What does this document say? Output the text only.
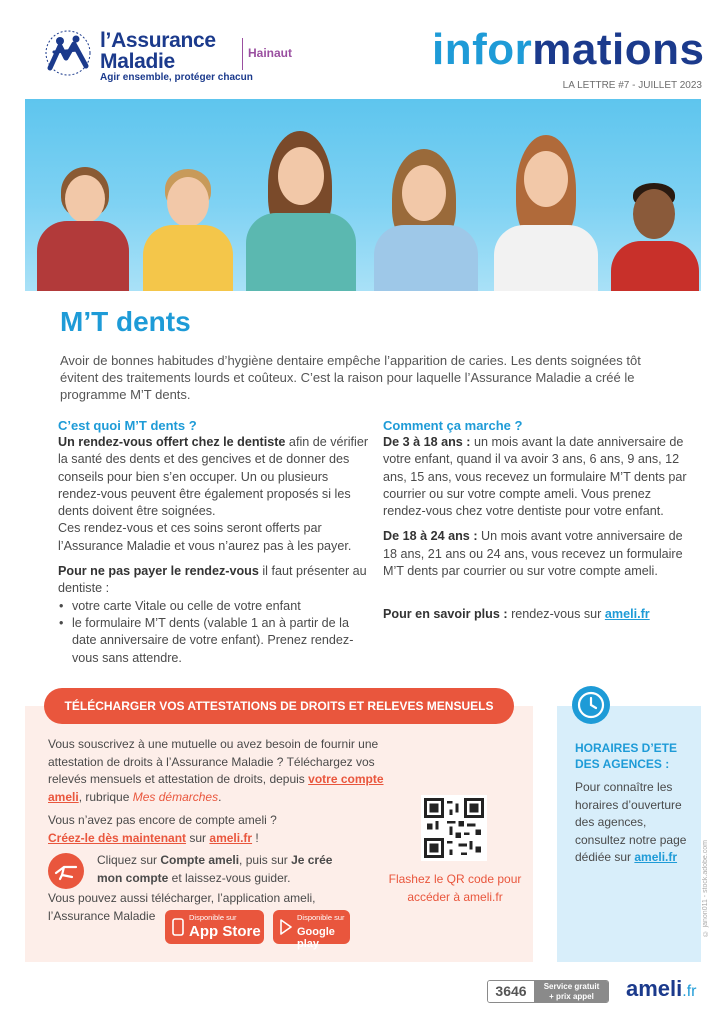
l’Assurance
Maladie
Agir ensemble, protéger chacun
Hainaut	informations
LA LETTRE #7 - JUILLET 2023
M’T dents
Avoir de bonnes habitudes d’hygiène dentaire empêche l’apparition de caries. Les dents soignées tôt évitent des traitements lourds et coûteux. C’est la raison pour laquelle l’Assurance Maladie a créé le programme M’T dents.
C’est quoi M’T dents ?

Un rendez-vous offert chez le dentiste afin de vérifier la santé des dents et des gencives et de donner des conseils pour bien s’en occuper. Un ou plusieurs rendez-vous peuvent être également proposés si les dents doivent être soignées.

Ces rendez-vous et ces soins seront offerts par l’Assurance Maladie et vous n’aurez pas à les payer.

Pour ne pas payer le rendez-vous il faut présenter au dentiste :

• votre carte Vitale ou celle de votre enfant
• le formulaire M’T dents (valable 1 an à partir de la date anniversaire de votre enfant). Prenez rendez-vous sans attendre.
Comment ça marche ?

De 3 à 18 ans : un mois avant la date anniversaire de votre enfant, quand il va avoir 3 ans, 6 ans, 9 ans, 12 ans, 15 ans, vous recevez un formulaire M’T dents par courrier ou sur votre compte ameli. Vous prenez rendez-vous chez votre dentiste pour votre enfant.

De 18 à 24 ans : Un mois avant votre anniversaire de 18 ans, 21 ans ou 24 ans, vous recevez un formulaire M’T dents par courrier ou sur votre compte ameli.

Pour en savoir plus : rendez-vous sur ameli.fr

TÉLÉCHARGER VOS ATTESTATIONS DE DROITS ET RELEVES MENSUELS

Vous souscrivez à une mutuelle ou avez besoin de fournir une attestation de droits à l’Assurance Maladie ? Téléchargez vos relevés mensuels et attestation de droits, depuis votre compte ameli, rubrique Mes démarches.

Vous n’avez pas encore de compte ameli ?
Créez-le dès maintenant sur ameli.fr !

Cliquez sur Compte ameli, puis sur Je crée mon compte et laissez-vous guider.

Vous pouvez aussi télécharger, l’application ameli, l’Assurance Maladie

Flashez le QR code pour accéder à ameli.fr

Disponible sur
App Store
Disponible sur
Google play
HORAIRES D’ETE DES AGENCES :

Pour connaître les horaires d’ouverture des agences, consultez notre page dédiée sur ameli.fr	© janon011 - stock.adobe.com
3646	Service gratuit
+ prix appel	ameli.fr
